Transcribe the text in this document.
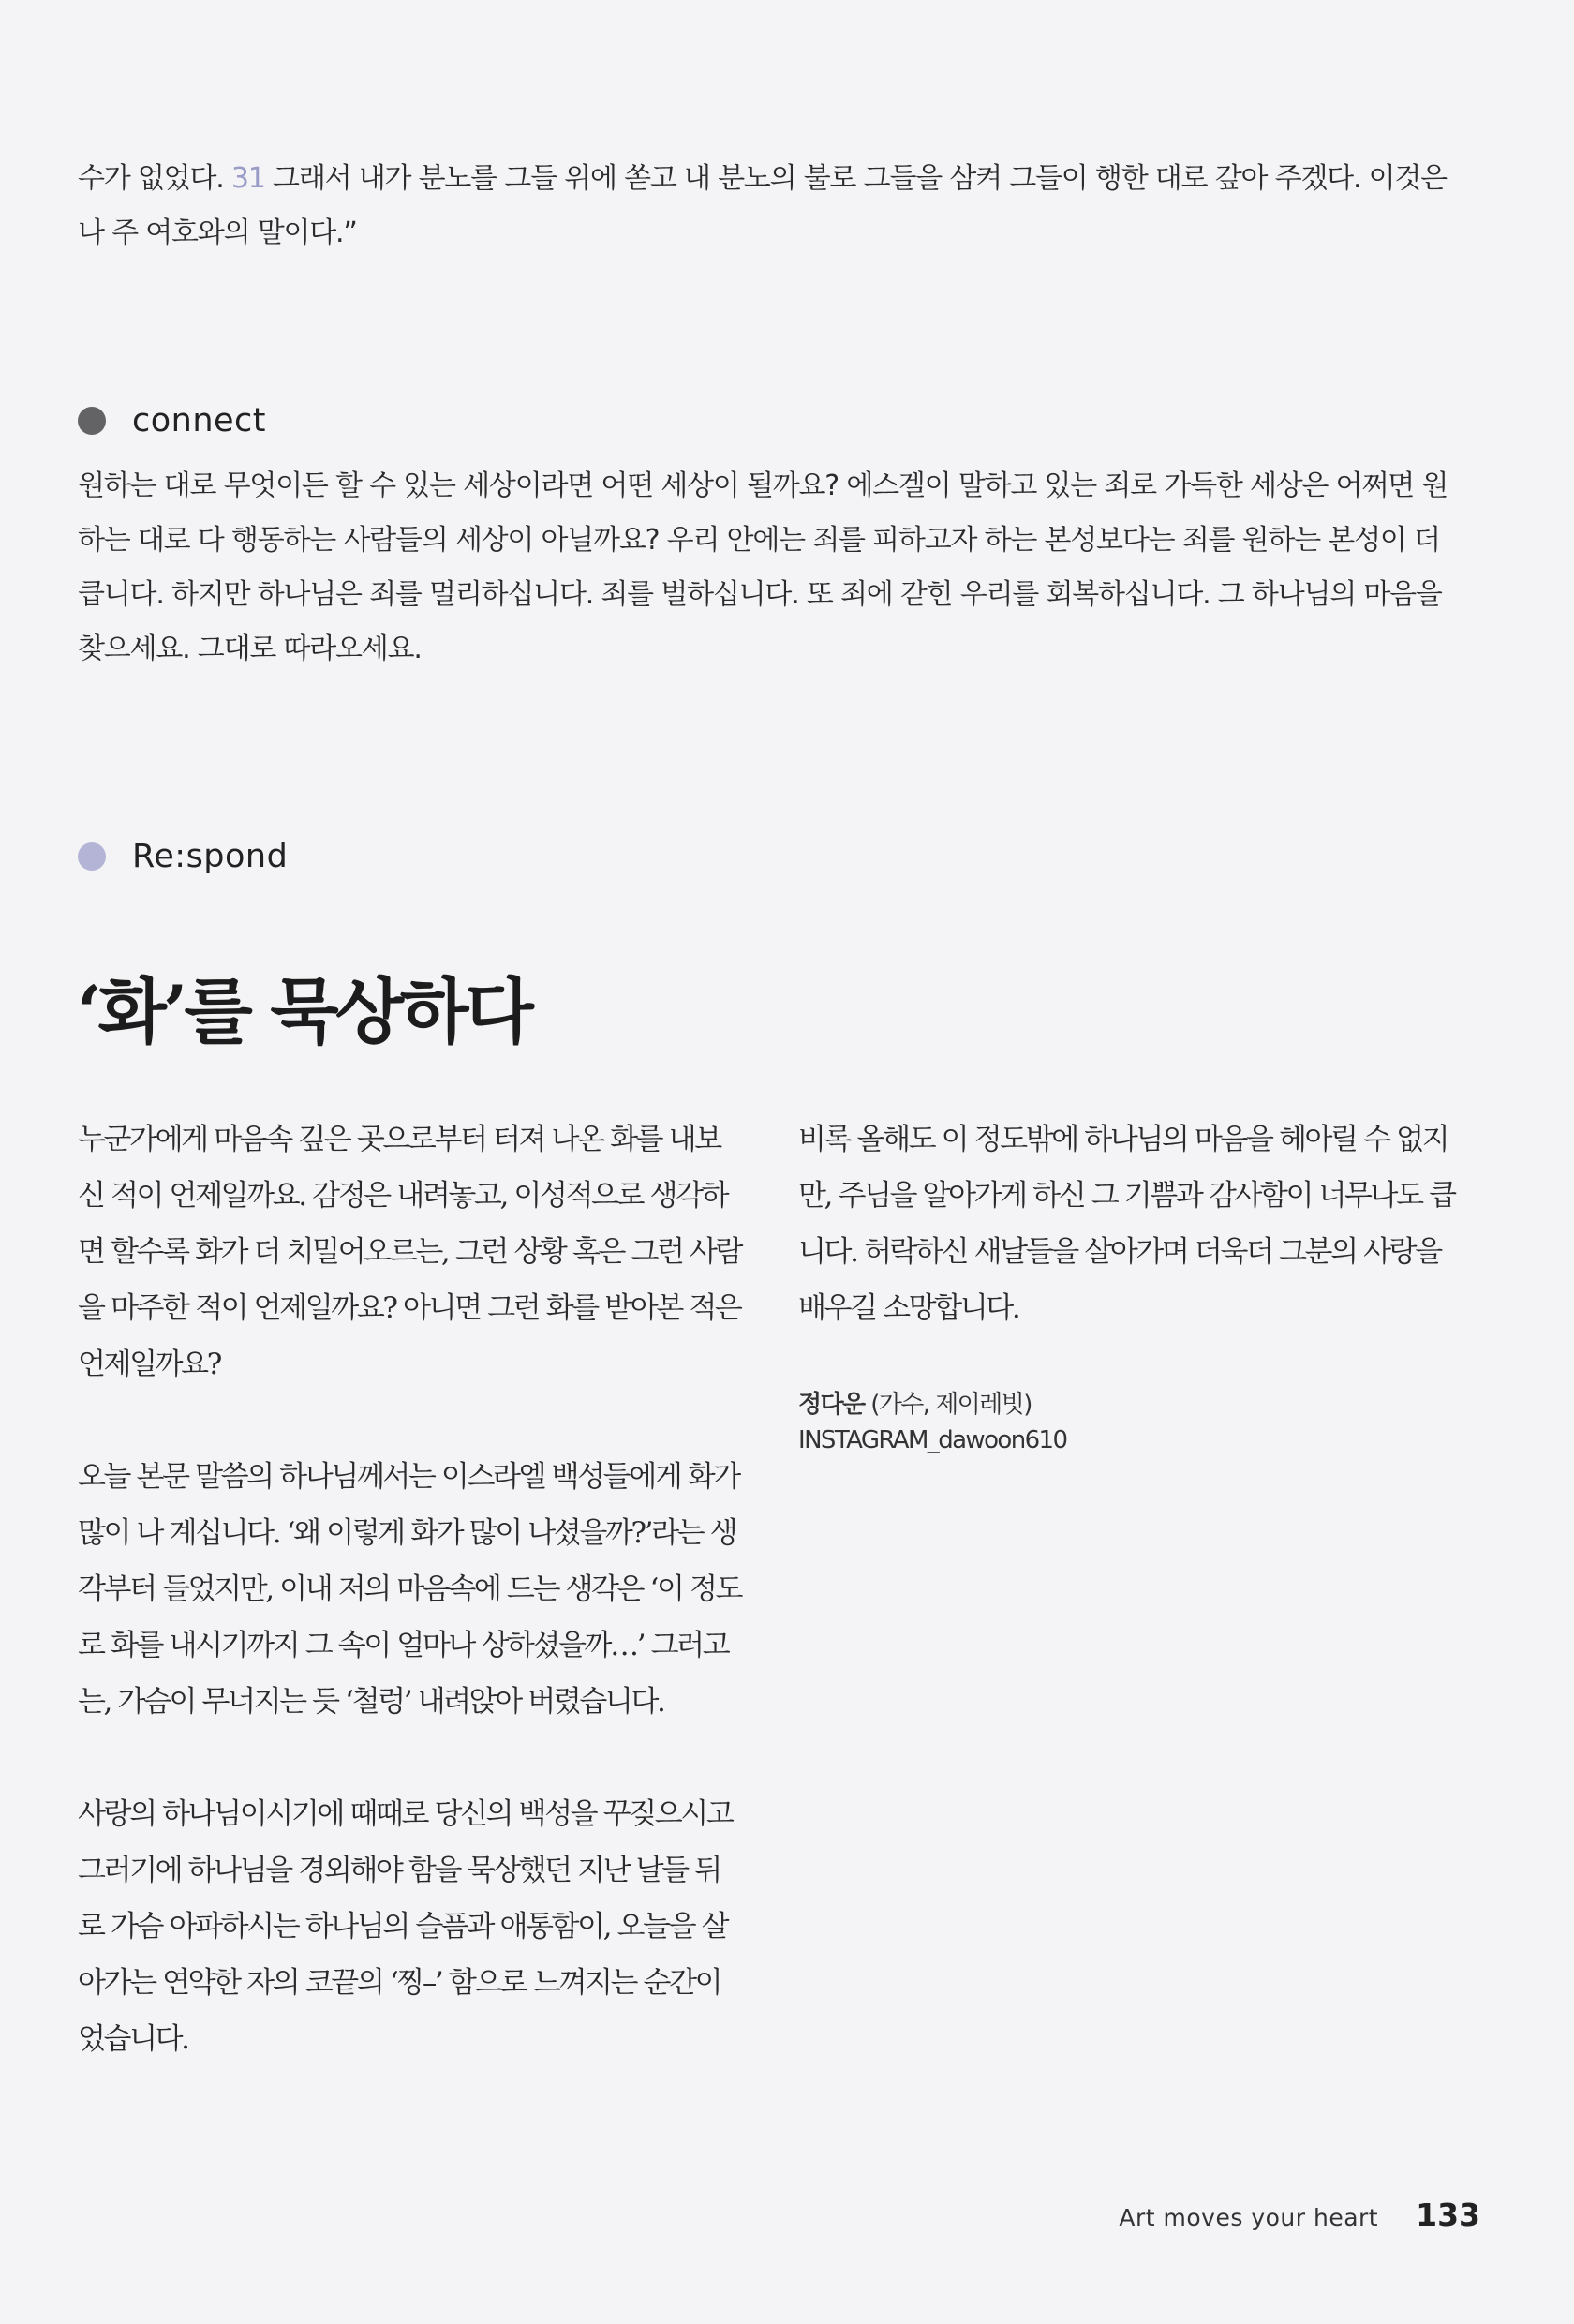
수가 없었다. 31 그래서 내가 분노를 그들 위에 쏟고 내 분노의 불로 그들을 삼켜 그들이 행한 대로 갚아 주겠다. 이것은 나 주 여호와의 말이다.”

connect

원하는 대로 무엇이든 할 수 있는 세상이라면 어떤 세상이 될까요? 에스겔이 말하고 있는 죄로 가득한 세상은 어쩌면 원하는 대로 다 행동하는 사람들의 세상이 아닐까요? 우리 안에는 죄를 피하고자 하는 본성보다는 죄를 원하는 본성이 더 큽니다. 하지만 하나님은 죄를 멀리하십니다. 죄를 벌하십니다. 또 죄에 갇힌 우리를 회복하십니다. 그 하나님의 마음을 찾으세요. 그대로 따라오세요.

Re:spond
‘화’를 묵상하다

누군가에게 마음속 깊은 곳으로부터 터져 나온 화를 내보신 적이 언제일까요. 감정은 내려놓고, 이성적으로 생각하면 할수록 화가 더 치밀어오르는, 그런 상황 혹은 그런 사람을 마주한 적이 언제일까요? 아니면 그런 화를 받아본 적은 언제일까요?

오늘 본문 말씀의 하나님께서는 이스라엘 백성들에게 화가 많이 나 계십니다. ‘왜 이렇게 화가 많이 나셨을까?’라는 생각부터 들었지만, 이내 저의 마음속에 드는 생각은 ‘이 정도로 화를 내시기까지 그 속이 얼마나 상하셨을까…’ 그러고는, 가슴이 무너지는 듯 ‘철렁’ 내려앉아 버렸습니다.

사랑의 하나님이시기에 때때로 당신의 백성을 꾸짖으시고 그러기에 하나님을 경외해야 함을 묵상했던 지난 날들 뒤로 가슴 아파하시는 하나님의 슬픔과 애통함이, 오늘을 살아가는 연약한 자의 코끝의 ‘찡–’ 함으로 느껴지는 순간이었습니다.

비록 올해도 이 정도밖에 하나님의 마음을 헤아릴 수 없지만, 주님을 알아가게 하신 그 기쁨과 감사함이 너무나도 큽니다. 허락하신 새날들을 살아가며 더욱더 그분의 사랑을 배우길 소망합니다.

정다운 (가수, 제이레빗)
INSTAGRAM_dawoon610
Art moves your heart 133
